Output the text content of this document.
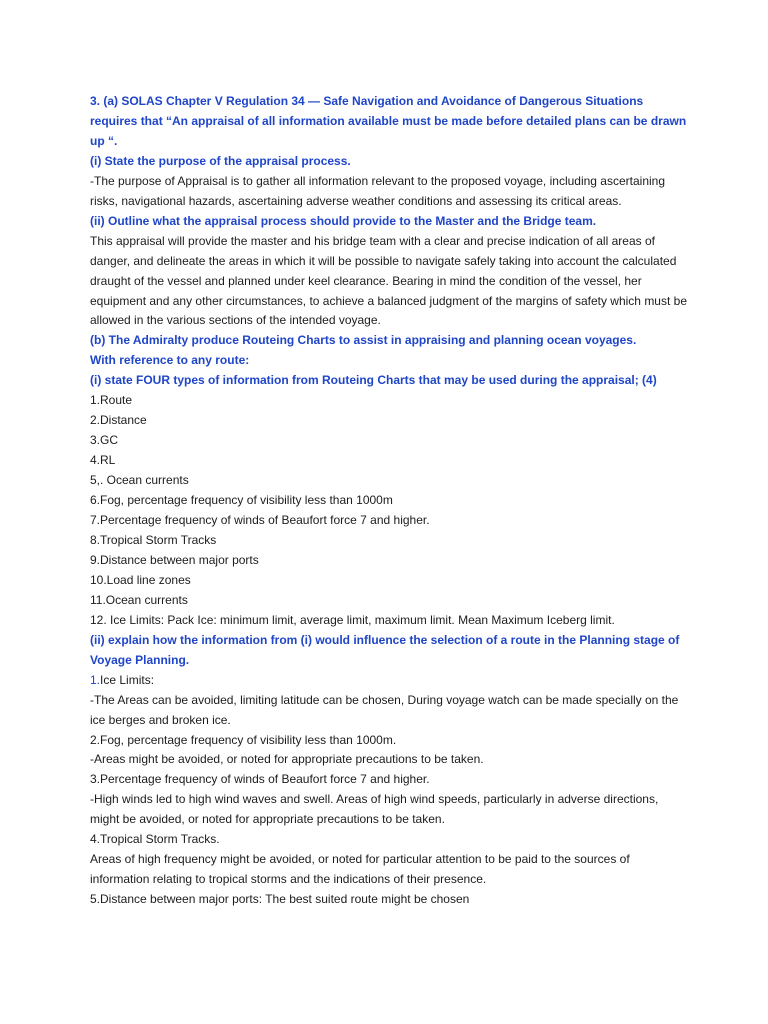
3. (a) SOLAS Chapter V Regulation 34 — Safe Navigation and Avoidance of Dangerous Situations requires that “An appraisal of all information available must be made before detailed plans can be drawn up “.

(i) State the purpose of the appraisal process.

-The purpose of Appraisal is to gather all information relevant to the proposed voyage, including ascertaining risks, navigational hazards, ascertaining adverse weather conditions and assessing its critical areas.

(ii) Outline what the appraisal process should provide to the Master and the Bridge team.

This appraisal will provide the master and his bridge team with a clear and precise indication of all areas of danger, and delineate the areas in which it will be possible to navigate safely taking into account the calculated draught of the vessel and planned under keel clearance. Bearing in mind the condition of the vessel, her equipment and any other circumstances, to achieve a balanced judgment of the margins of safety which must be allowed in the various sections of the intended voyage.

(b) The Admiralty produce Routeing Charts to assist in appraising and planning ocean voyages.

With reference to any route:

(i) state FOUR types of information from Routeing Charts that may be used during the appraisal; (4)

1.Route

2.Distance

3.GC

4.RL

5,. Ocean currents

6.Fog, percentage frequency of visibility less than 1000m

7.Percentage frequency of winds of Beaufort force 7 and higher.

8.Tropical Storm Tracks

9.Distance between major ports

10.Load line zones

11.Ocean currents

12. Ice Limits: Pack Ice: minimum limit, average limit, maximum limit. Mean Maximum Iceberg limit.

(ii) explain how the information from (i) would influence the selection of a route in the Planning stage of Voyage Planning.

1.Ice Limits:

-The Areas can be avoided, limiting latitude can be chosen, During voyage watch can be made specially on the ice berges and broken ice.

2.Fog, percentage frequency of visibility less than 1000m.

-Areas might be avoided, or noted for appropriate precautions to be taken.

3.Percentage frequency of winds of Beaufort force 7 and higher.

-High winds led to high wind waves and swell. Areas of high wind speeds, particularly in adverse directions, might be avoided, or noted for appropriate precautions to be taken.

4.Tropical Storm Tracks.

Areas of high frequency might be avoided, or noted for particular attention to be paid to the sources of information relating to tropical storms and the indications of their presence.

5.Distance between major ports: The best suited route might be chosen
